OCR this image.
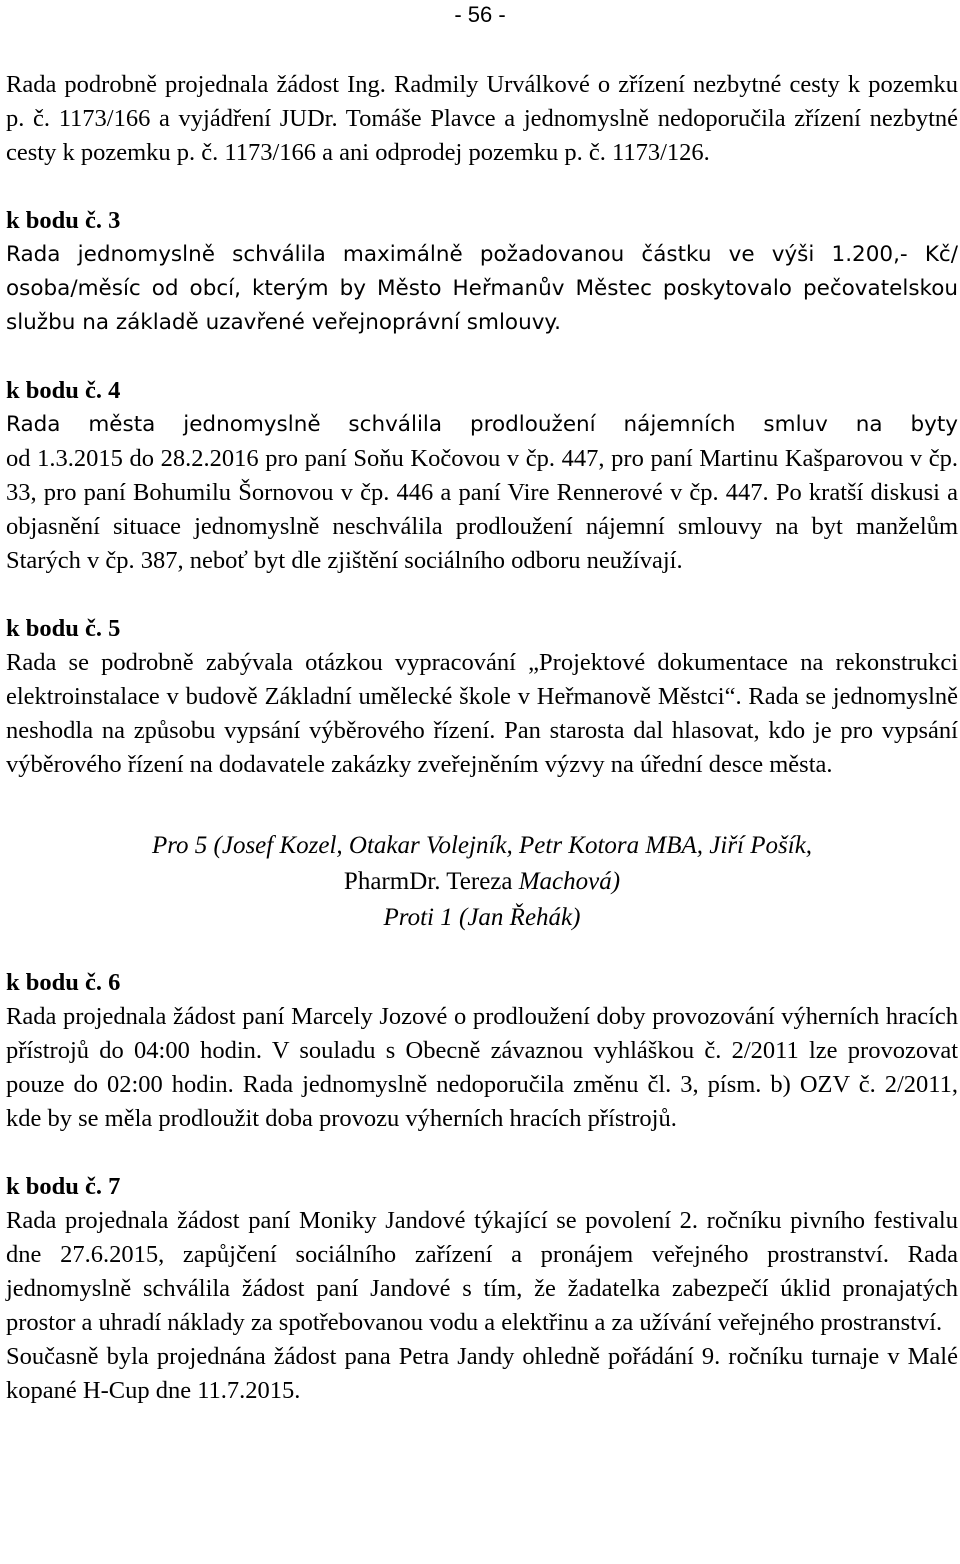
- 56 -

Rada podrobně projednala žádost Ing. Radmily Urválkové o zřízení nezbytné cesty k pozemku p. č. 1173/166 a vyjádření JUDr. Tomáše Plavce a jednomyslně nedoporučila zřízení nezbytné cesty k pozemku p. č. 1173/166 a ani odprodej pozemku p. č. 1173/126.

k bodu č. 3

Rada jednomyslně schválila maximálně požadovanou částku ve výši 1.200,- Kč/ osoba/měsíc od obcí, kterým by Město Heřmanův Městec poskytovalo pečovatelskou službu na základě uzavřené veřejnoprávní smlouvy.

k bodu č. 4

Rada města jednomyslně schválila prodloužení nájemních smluv na byty

od 1.3.2015 do 28.2.2016 pro paní Soňu Kočovou v čp. 447, pro paní Martinu Kašparovou v čp. 33, pro paní Bohumilu Šornovou v čp. 446 a paní Vire Rennerové v čp. 447. Po kratší diskusi a objasnění situace jednomyslně neschválila prodloužení nájemní smlouvy na byt manželům Starých v čp. 387, neboť byt dle zjištění sociálního odboru neužívají.

k bodu č. 5

Rada se podrobně zabývala otázkou vypracování „Projektové dokumentace na rekonstrukci elektroinstalace v budově Základní umělecké škole v Heřmanově Městci“. Rada se jednomyslně neshodla na způsobu vypsání výběrového řízení. Pan starosta dal hlasovat, kdo je pro vypsání výběrového řízení na dodavatele zakázky zveřejněním výzvy na úřední desce města.

Pro 5 (Josef Kozel, Otakar Volejník, Petr Kotora MBA, Jiří Pošík,
PharmDr. Tereza Machová)
Proti 1 (Jan Řehák)

k bodu č. 6

Rada projednala žádost paní Marcely Jozové o prodloužení doby provozování výherních hracích přístrojů do 04:00 hodin. V souladu s Obecně závaznou vyhláškou č. 2/2011 lze provozovat pouze do 02:00 hodin. Rada jednomyslně nedoporučila změnu čl. 3, písm. b) OZV č. 2/2011, kde by se měla prodloužit doba provozu výherních hracích přístrojů.

k bodu č. 7

Rada projednala žádost paní Moniky Jandové týkající se povolení 2. ročníku pivního festivalu dne 27.6.2015, zapůjčení sociálního zařízení a pronájem veřejného prostranství. Rada jednomyslně schválila žádost paní Jandové s tím, že žadatelka zabezpečí úklid pronajatých prostor a uhradí náklady za spotřebovanou vodu a elektřinu a za užívání veřejného prostranství.

Současně byla projednána žádost pana Petra Jandy ohledně pořádání 9. ročníku turnaje v Malé kopané H-Cup dne 11.7.2015.
